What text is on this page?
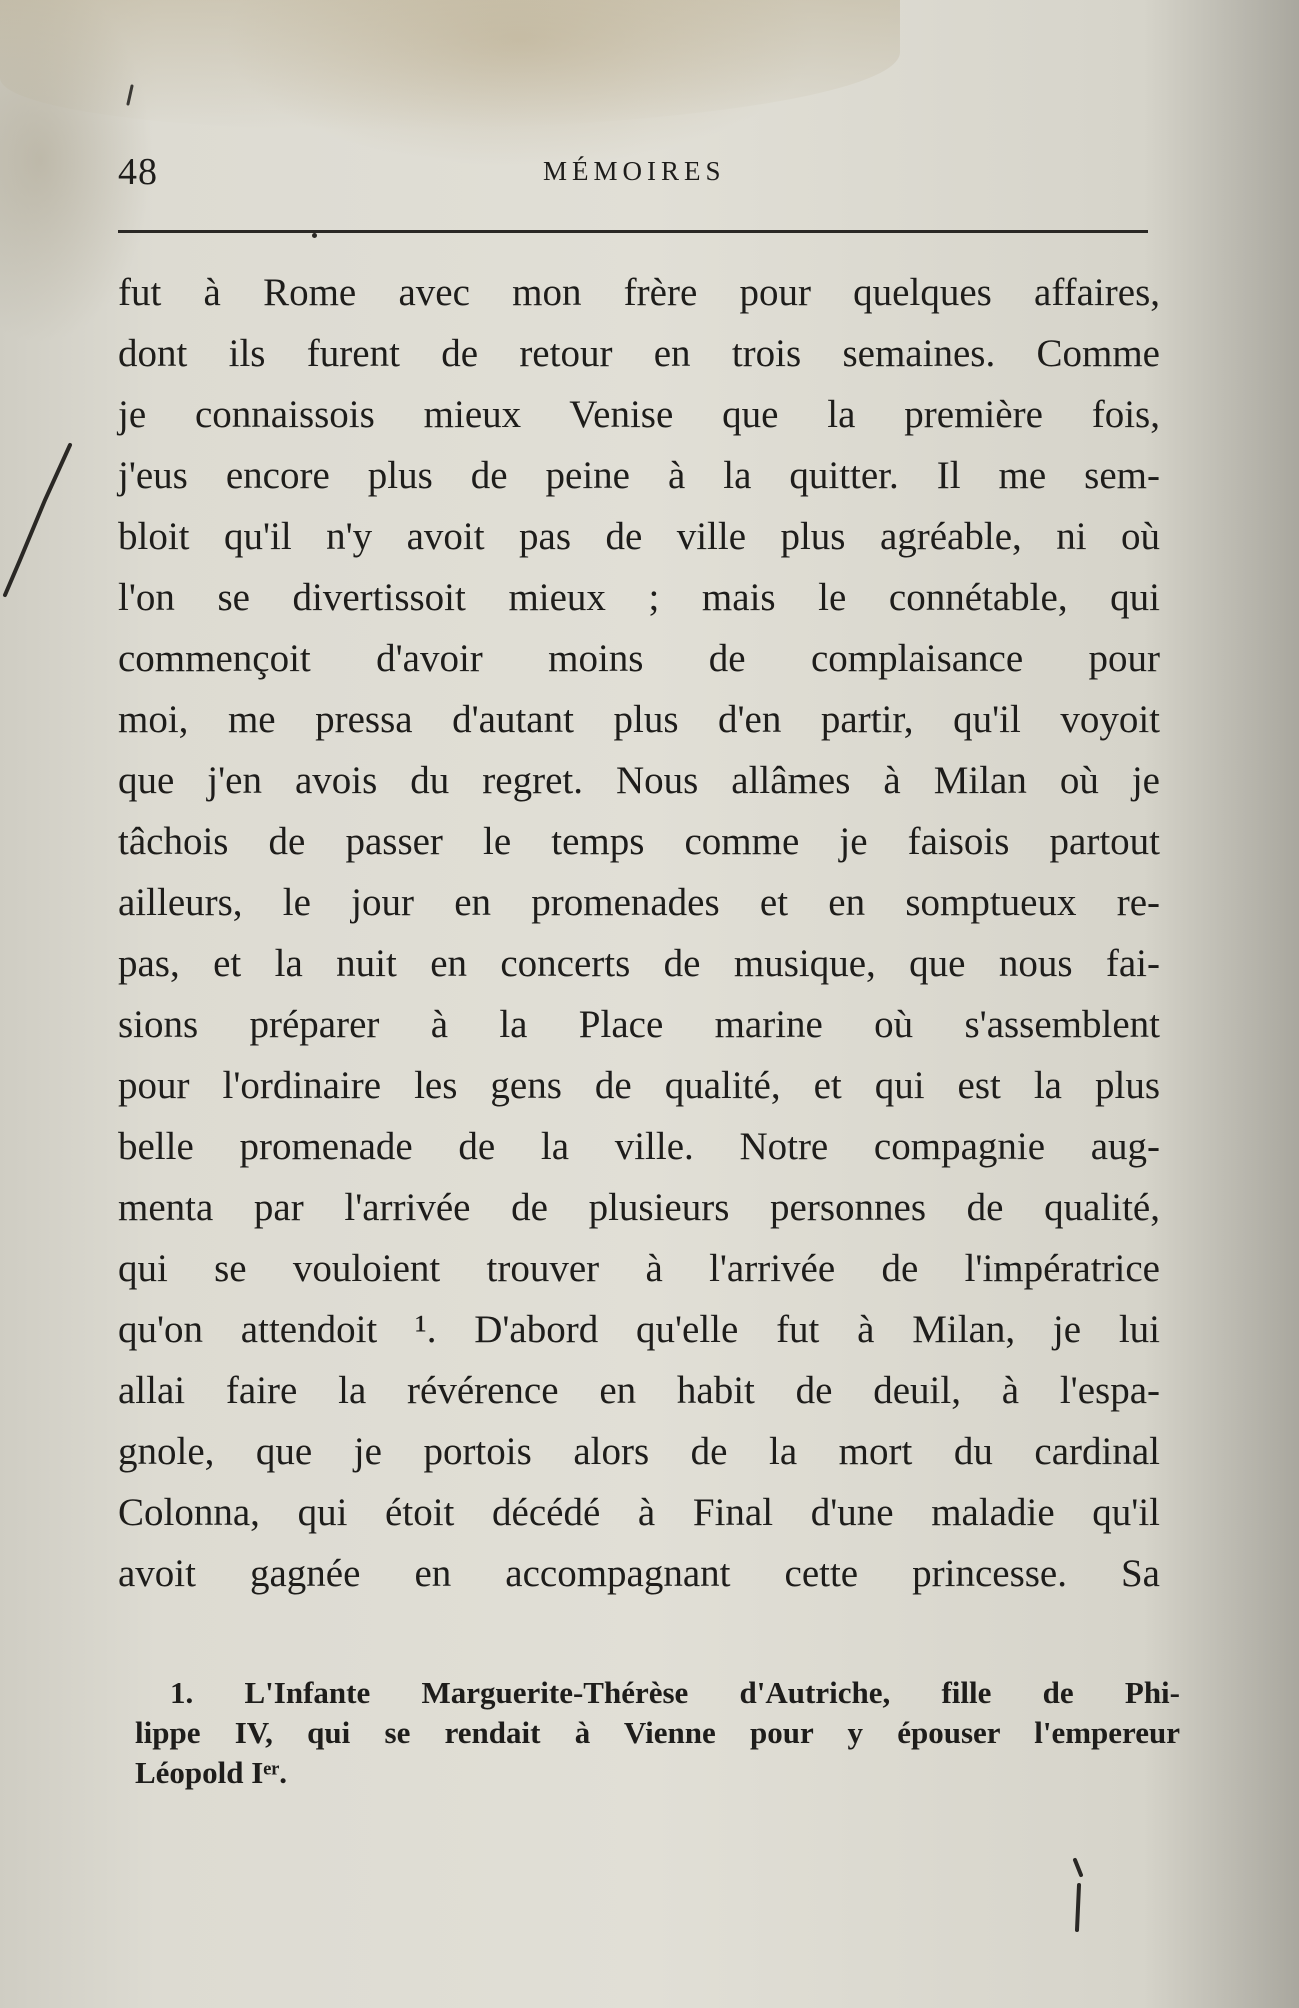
48	MÉMOIRES
fut à Rome avec mon frère pour quelques affaires,
dont ils furent de retour en trois semaines. Comme
je connaissois mieux Venise que la première fois,
j'eus encore plus de peine à la quitter. Il me sem-
bloit qu'il n'y avoit pas de ville plus agréable, ni où
l'on se divertissoit mieux ; mais le connétable, qui
commençoit d'avoir moins de complaisance pour
moi, me pressa d'autant plus d'en partir, qu'il voyoit
que j'en avois du regret. Nous allâmes à Milan où je
tâchois de passer le temps comme je faisois partout
ailleurs, le jour en promenades et en somptueux re-
pas, et la nuit en concerts de musique, que nous fai-
sions préparer à la Place marine où s'assemblent
pour l'ordinaire les gens de qualité, et qui est la plus
belle promenade de la ville. Notre compagnie aug-
menta par l'arrivée de plusieurs personnes de qualité,
qui se vouloient trouver à l'arrivée de l'impératrice
qu'on attendoit ¹. D'abord qu'elle fut à Milan, je lui
allai faire la révérence en habit de deuil, à l'espa-
gnole, que je portois alors de la mort du cardinal
Colonna, qui étoit décédé à Final d'une maladie qu'il
avoit gagnée en accompagnant cette princesse. Sa
1. L'Infante Marguerite-Thérèse d'Autriche, fille de Phi-
lippe IV, qui se rendait à Vienne pour y épouser l'empereur
Léopold Iᵉʳ.
